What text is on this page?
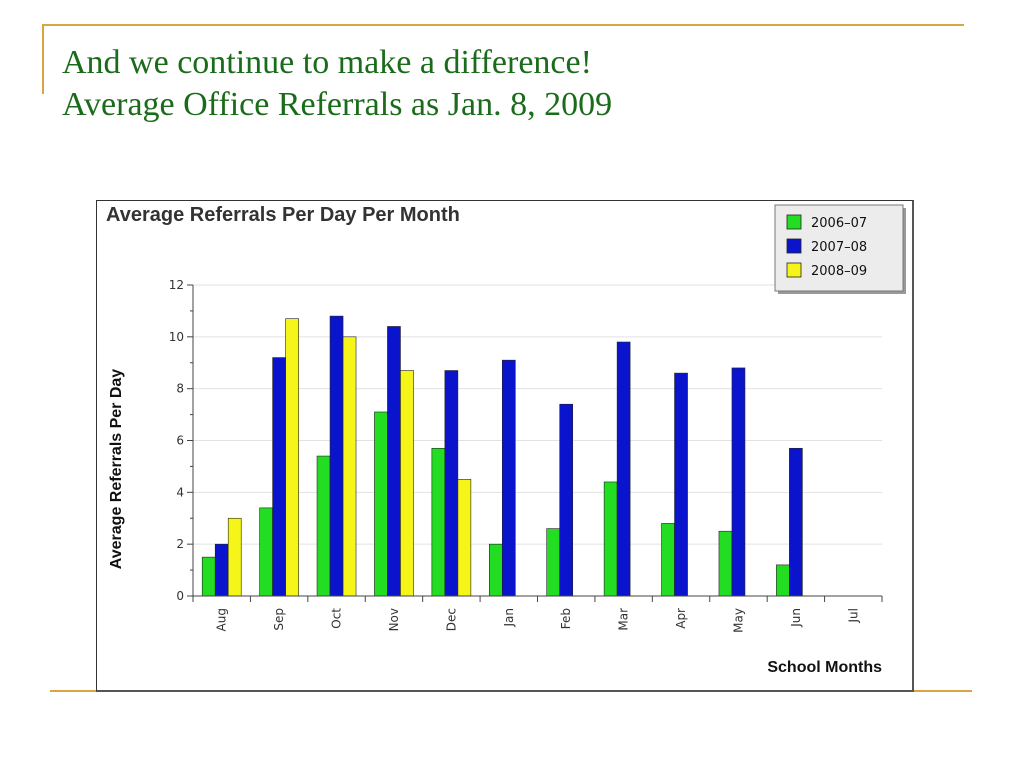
And we continue to make a difference!
Average Office Referrals as Jan. 8, 2009
Average Referrals Per Day Per Month
0
2
4
6
8
10
12
Aug	Sep	Oct	Nov	Dec	Jan	Feb	Mar	Apr	May	Jun	Jul
Average Referrals Per Day
School Months
2006–07
2007–08
2008–09
